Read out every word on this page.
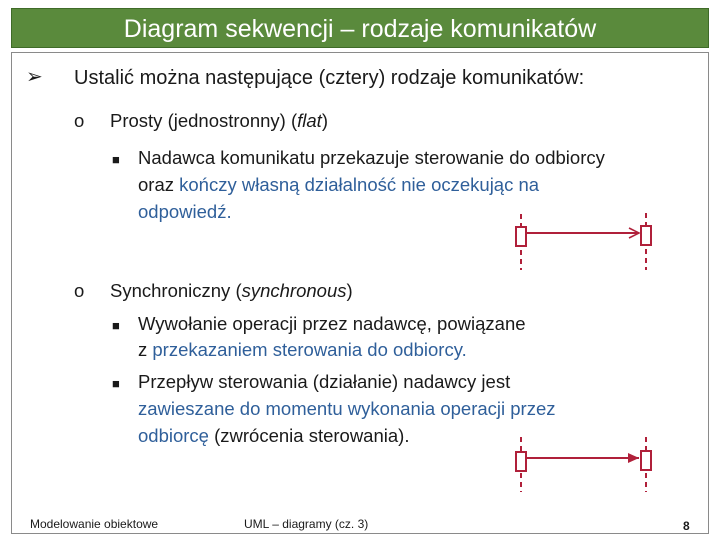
Diagram sekwencji – rodzaje komunikatów
➢ Ustalić można następujące (cztery) rodzaje komunikatów:
o Prosty (jednostronny) (flat)
■ Nadawca komunikatu przekazuje sterowanie do odbiorcy
oraz kończy własną działalność nie oczekując na
odpowiedź.
o Synchroniczny (synchronous)
■ Wywołanie operacji przez nadawcę, powiązane
z przekazaniem sterowania do odbiorcy.
■ Przepływ sterowania (działanie) nadawcy jest
zawieszane do momentu wykonania operacji przez
odbiorcę (zwrócenia sterowania).
Modelowanie obiektowe	UML – diagramy (cz. 3)	8
